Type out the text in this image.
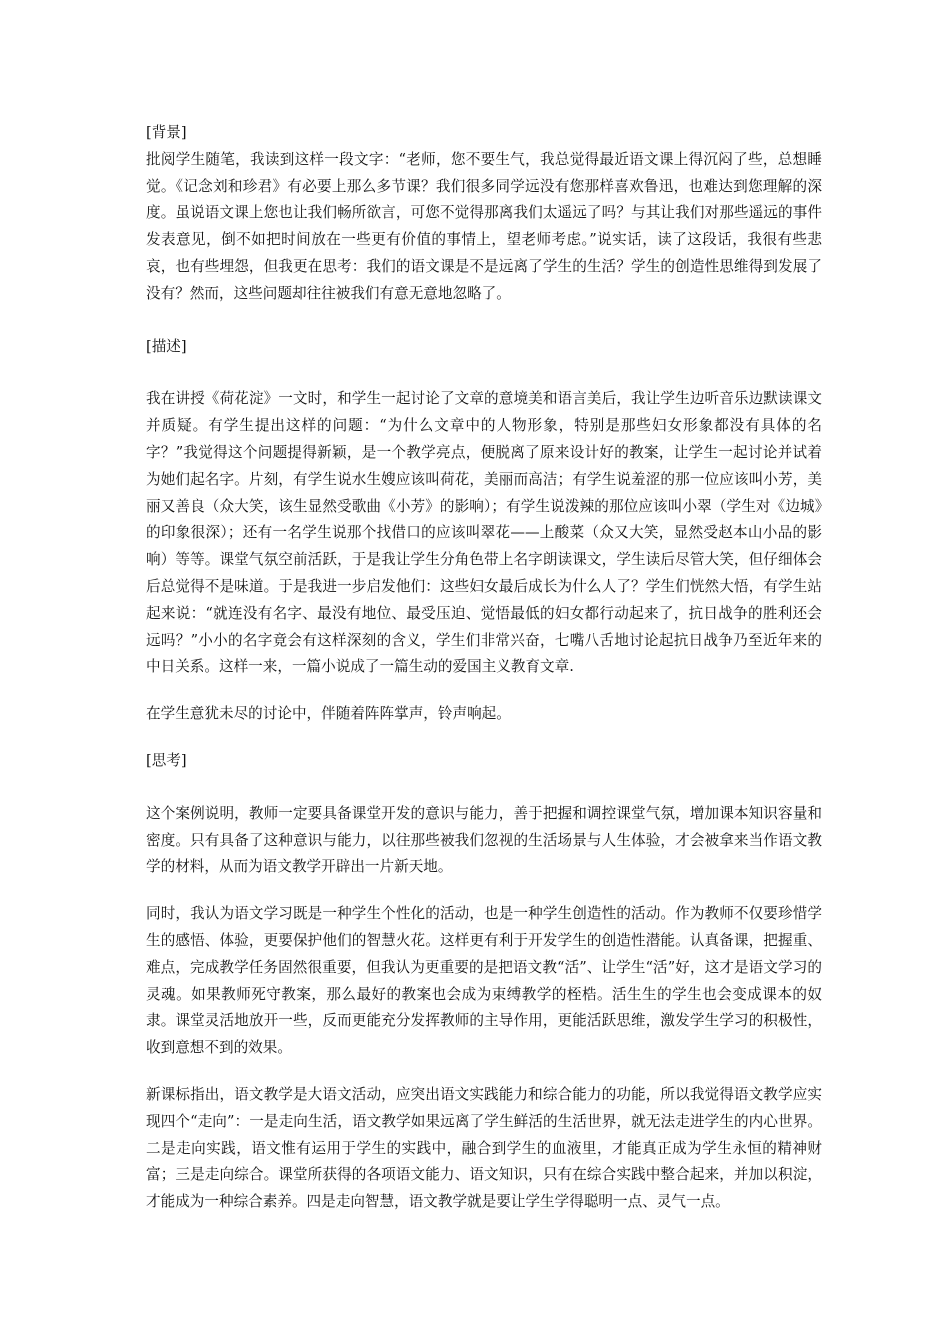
[背景]

批阅学生随笔，我读到这样一段文字：“老师，您不要生气，我总觉得最近语文课上得沉闷了些，总想睡觉。《记念刘和珍君》有必要上那么多节课？我们很多同学远没有您那样喜欢鲁迅，也难达到您理解的深度。虽说语文课上您也让我们畅所欲言，可您不觉得那离我们太遥远了吗？与其让我们对那些遥远的事件发表意见，倒不如把时间放在一些更有价值的事情上，望老师考虑。”说实话，读了这段话，我很有些悲哀，也有些埋怨，但我更在思考：我们的语文课是不是远离了学生的生活？学生的创造性思维得到发展了没有？然而，这些问题却往往被我们有意无意地忽略了。

[描述]

我在讲授《荷花淀》一文时，和学生一起讨论了文章的意境美和语言美后，我让学生边听音乐边默读课文并质疑。有学生提出这样的问题：“为什么文章中的人物形象，特别是那些妇女形象都没有具体的名字？”我觉得这个问题提得新颖，是一个教学亮点，便脱离了原来设计好的教案，让学生一起讨论并试着为她们起名字。片刻，有学生说水生嫂应该叫荷花，美丽而高洁；有学生说羞涩的那一位应该叫小芳，美丽又善良（众大笑，该生显然受歌曲《小芳》的影响）；有学生说泼辣的那位应该叫小翠（学生对《边城》的印象很深）；还有一名学生说那个找借口的应该叫翠花——上酸菜（众又大笑，显然受赵本山小品的影响）等等。课堂气氛空前活跃，于是我让学生分角色带上名字朗读课文，学生读后尽管大笑，但仔细体会后总觉得不是味道。于是我进一步启发他们：这些妇女最后成长为什么人了？学生们恍然大悟，有学生站起来说：“就连没有名字、最没有地位、最受压迫、觉悟最低的妇女都行动起来了，抗日战争的胜利还会远吗？”小小的名字竟会有这样深刻的含义，学生们非常兴奋，七嘴八舌地讨论起抗日战争乃至近年来的中日关系。这样一来，一篇小说成了一篇生动的爱国主义教育文章.

在学生意犹未尽的讨论中，伴随着阵阵掌声，铃声响起。

[思考]

这个案例说明，教师一定要具备课堂开发的意识与能力，善于把握和调控课堂气氛，增加课本知识容量和密度。只有具备了这种意识与能力，以往那些被我们忽视的生活场景与人生体验，才会被拿来当作语文教学的材料，从而为语文教学开辟出一片新天地。

同时，我认为语文学习既是一种学生个性化的活动，也是一种学生创造性的活动。作为教师不仅要珍惜学生的感悟、体验，更要保护他们的智慧火花。这样更有利于开发学生的创造性潜能。认真备课，把握重、难点，完成教学任务固然很重要，但我认为更重要的是把语文教“活”、让学生“活”好，这才是语文学习的灵魂。如果教师死守教案，那么最好的教案也会成为束缚教学的桎梏。活生生的学生也会变成课本的奴隶。课堂灵活地放开一些，反而更能充分发挥教师的主导作用，更能活跃思维，激发学生学习的积极性，收到意想不到的效果。

新课标指出，语文教学是大语文活动，应突出语文实践能力和综合能力的功能，所以我觉得语文教学应实现四个“走向”：一是走向生活，语文教学如果远离了学生鲜活的生活世界，就无法走进学生的内心世界。二是走向实践，语文惟有运用于学生的实践中，融合到学生的血液里，才能真正成为学生永恒的精神财富；三是走向综合。课堂所获得的各项语文能力、语文知识，只有在综合实践中整合起来，并加以积淀，才能成为一种综合素养。四是走向智慧，语文教学就是要让学生学得聪明一点、灵气一点。
